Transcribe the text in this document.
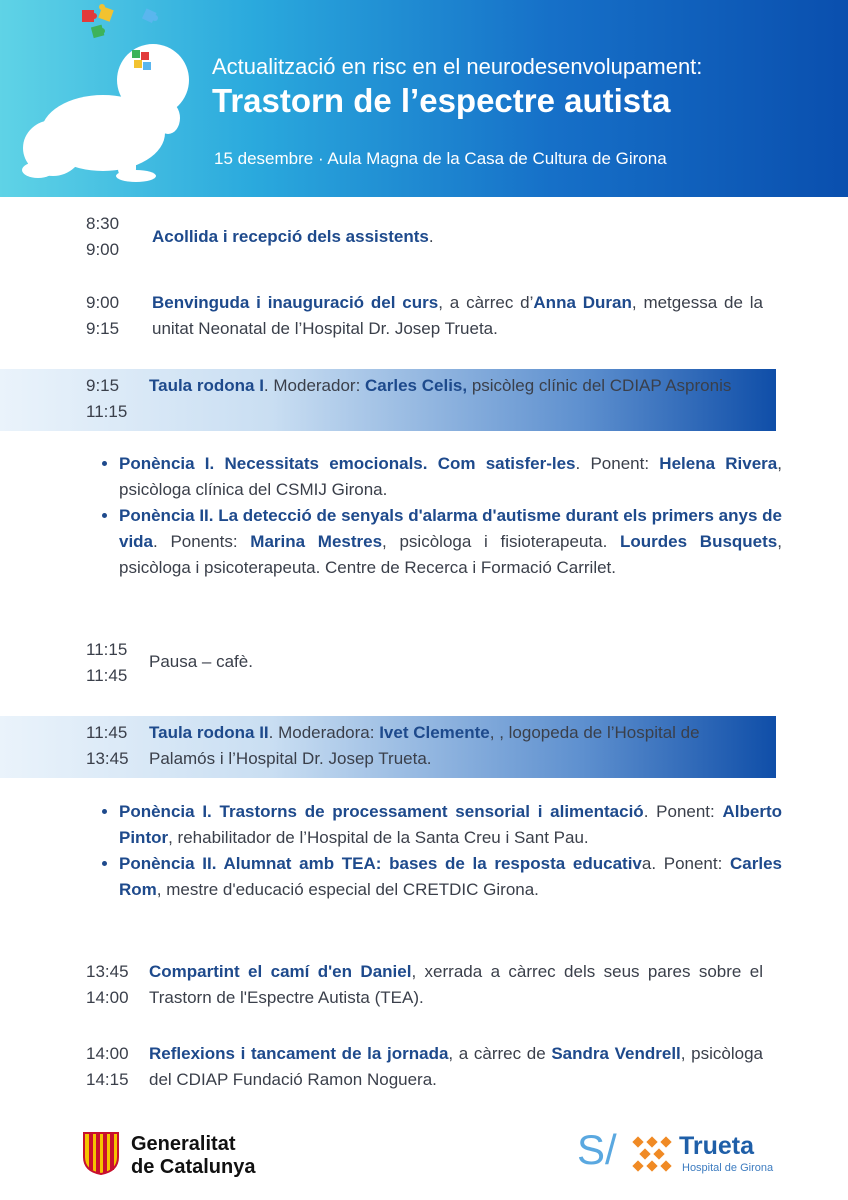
Actualització en risc en el neurodesenvolupament:
Trastorn de l’espectre autista
15 desembre · Aula Magna de la Casa de Cultura de Girona
8:30
9:00
Acollida i recepció dels assistents.
9:00
9:15
Benvinguda i inauguració del curs, a càrrec d’Anna Duran, metgessa de la unitat Neonatal de l’Hospital Dr. Josep Trueta.
9:15
11:15
Taula rodona I. Moderador: Carles Celis, psicòleg clínic del CDIAP Aspronis
• Ponència I. Necessitats emocionals. Com satisfer-les. Ponent: Helena Rivera, psicòloga clínica del CSMIJ Girona.
• Ponència II. La detecció de senyals d'alarma d'autisme durant els primers anys de vida. Ponents: Marina Mestres, psicòloga i fisioterapeuta. Lourdes Busquets, psicòloga i psicoterapeuta. Centre de Recerca i Formació Carrilet.
11:15
11:45
Pausa – cafè.
11:45
13:45
Taula rodona II. Moderadora: Ivet Clemente, , logopeda de l’Hospital de Palamós i l’Hospital Dr. Josep Trueta.
• Ponència I. Trastorns de processament sensorial i alimentació. Ponent: Alberto Pintor, rehabilitador de l’Hospital de la Santa Creu i Sant Pau.
• Ponència II. Alumnat amb TEA: bases de la resposta educativa. Ponent: Carles Rom, mestre d'educació especial del CRETDIC Girona.
13:45
14:00
Compartint el camí d'en Daniel, xerrada a càrrec dels seus pares sobre el Trastorn de l'Espectre Autista (TEA).
14:00
14:15
Reflexions i tancament de la jornada, a càrrec de Sandra Vendrell, psicòloga del CDIAP Fundació Ramon Noguera.
Generalitat
de Catalunya	S/ Trueta
Hospital de Girona
